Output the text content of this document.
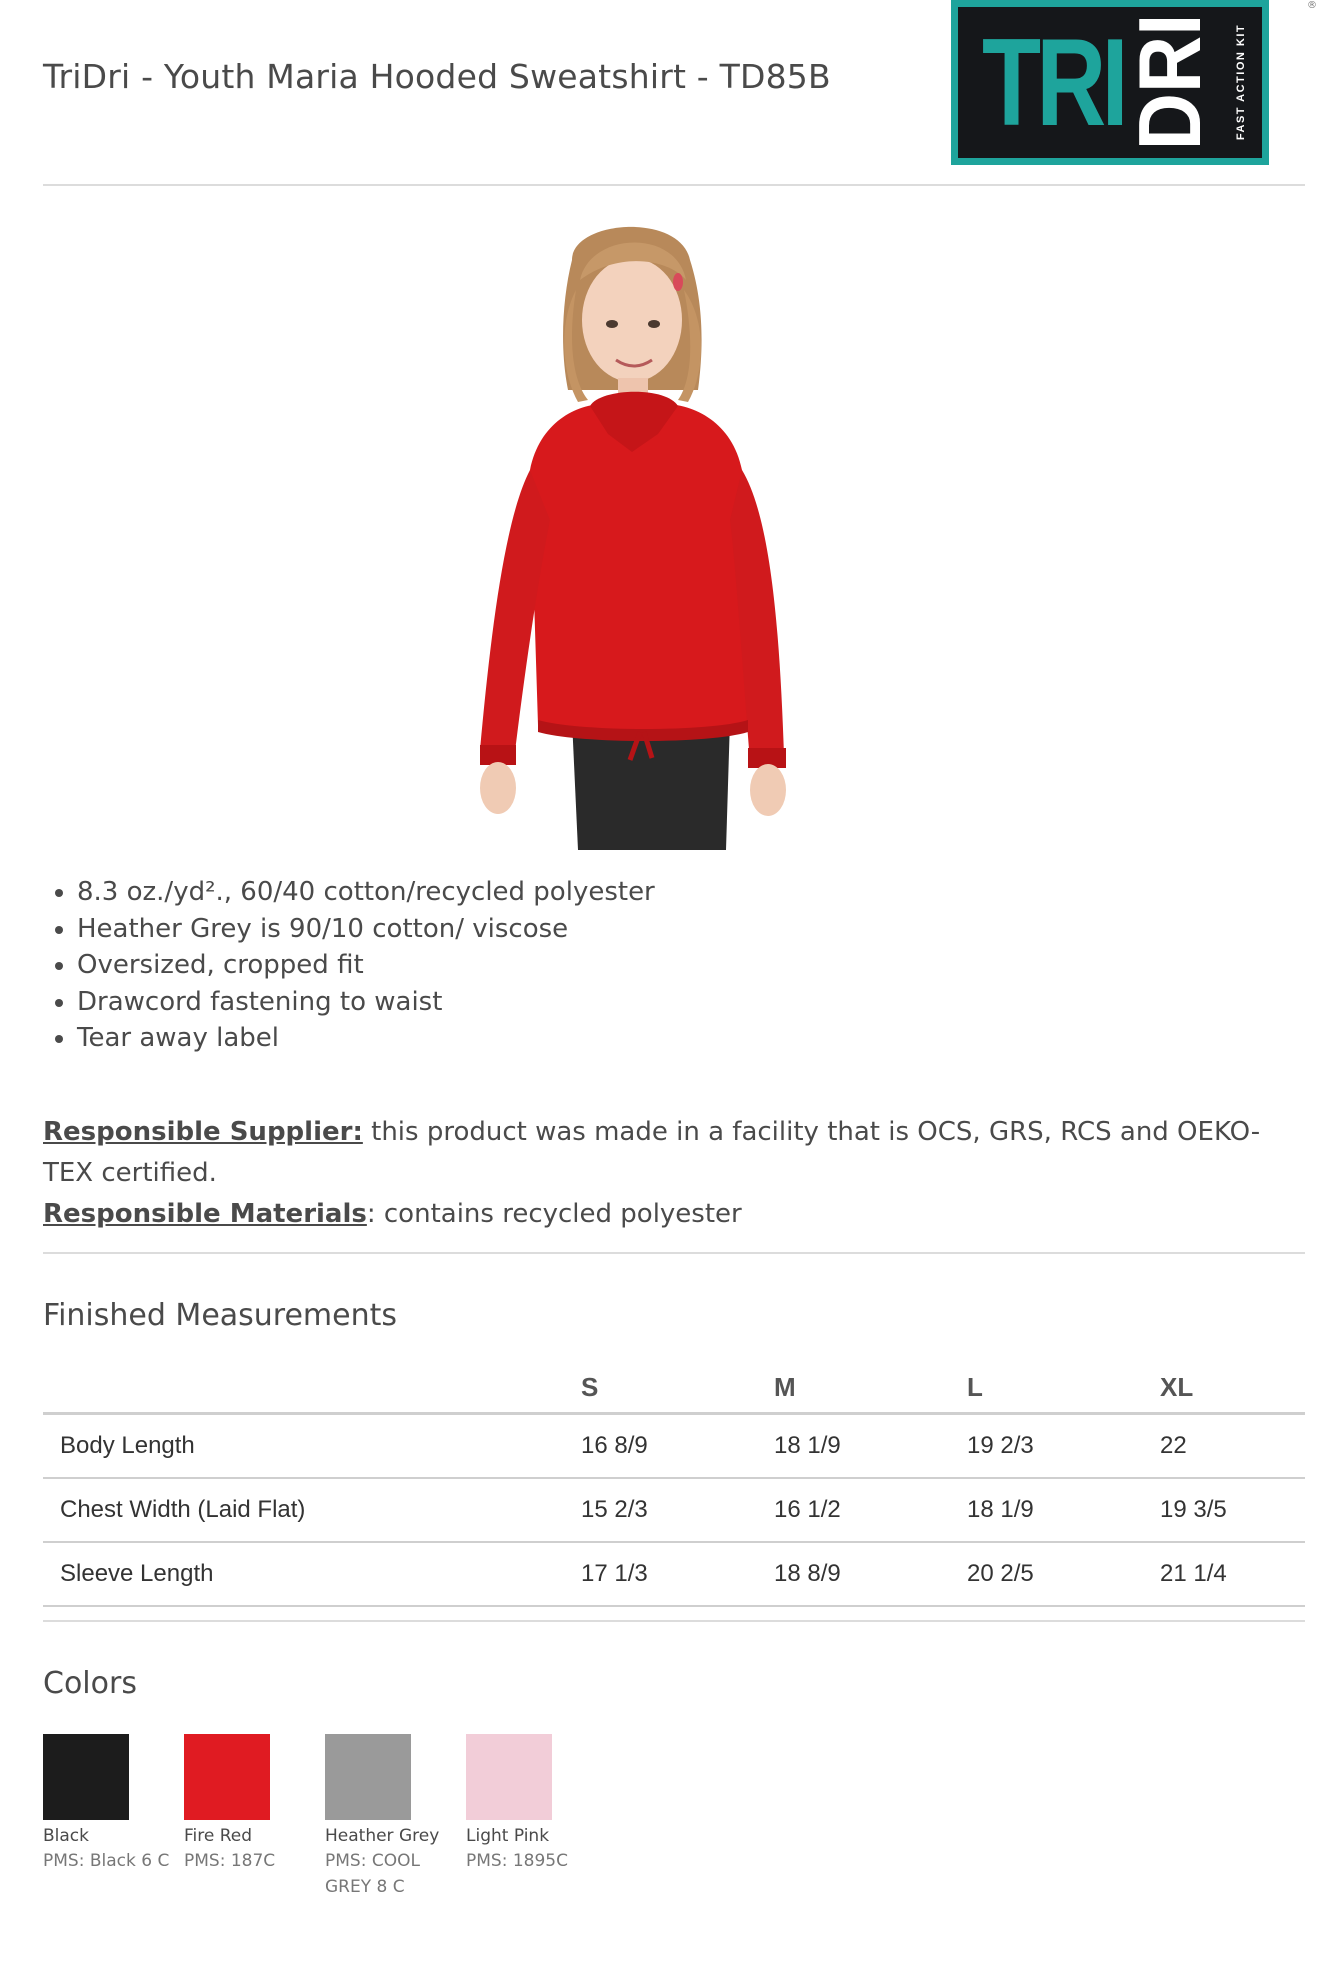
TriDri - Youth Maria Hooded Sweatshirt - TD85B TRI
DRI FAST ACTION KIT
®
• 8.3 oz./yd²., 60/40 cotton/recycled polyester
• Heather Grey is 90/10 cotton/ viscose
• Oversized, cropped fit
• Drawcord fastening to waist
• Tear away label
Responsible Supplier: this product was made in a facility that is OCS, GRS, RCS and OEKO-TEX certified.
Responsible Materials: contains recycled polyester
Finished Measurements
	S	M	L	XL
Body Length	16 8/9	18 1/9	19 2/3	22
Chest Width (Laid Flat)	15 2/3	16 1/2	18 1/9	19 3/5
Sleeve Length	17 1/3	18 8/9	20 2/5	21 1/4
Colors
Black
PMS: Black 6 C
Fire Red
PMS: 187C
Heather Grey
PMS: COOL GREY 8 C
Light Pink
PMS: 1895C
